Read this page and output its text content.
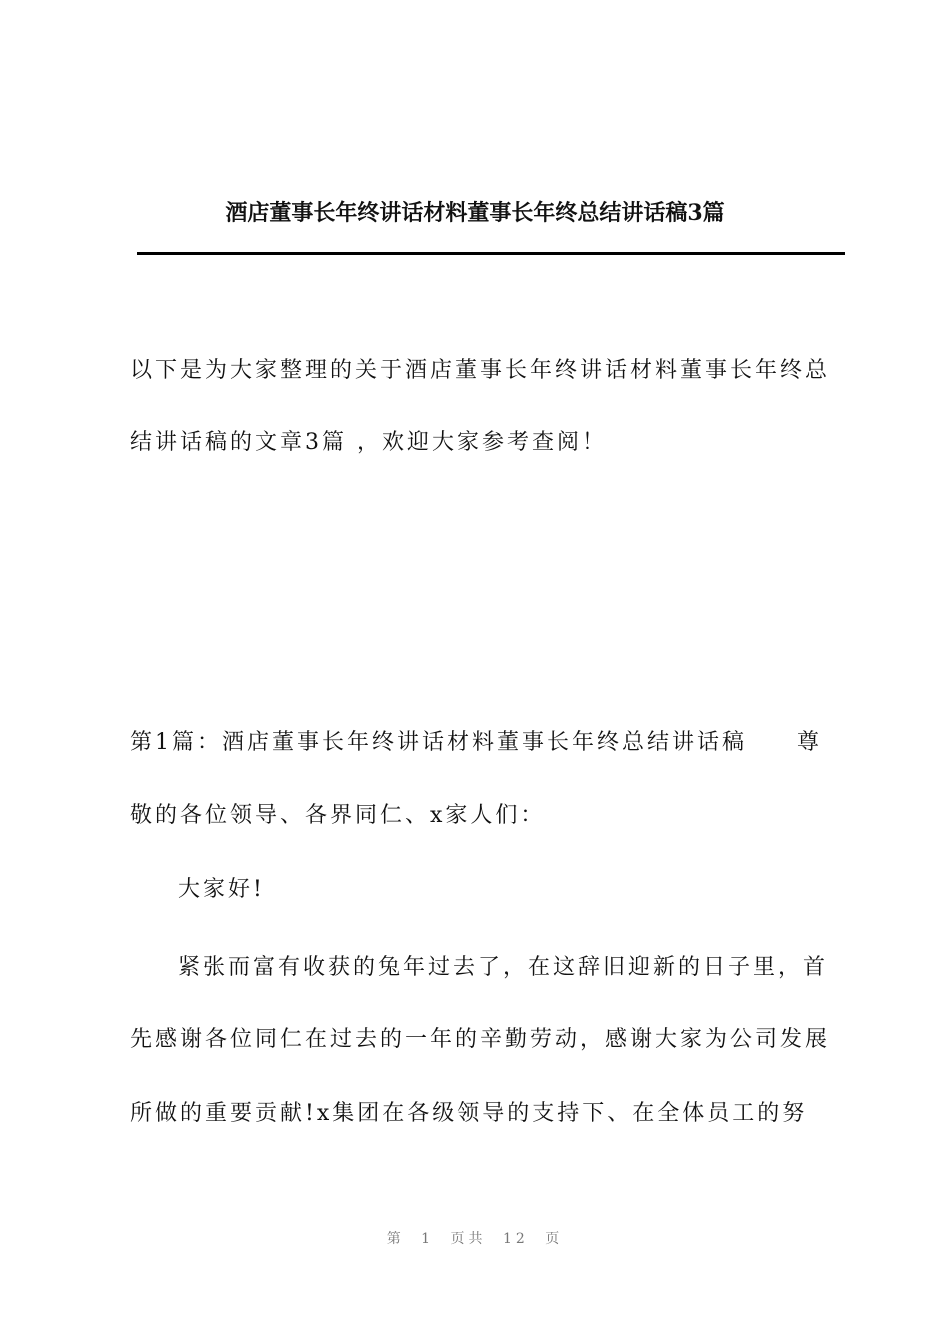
酒店董事长年终讲话材料董事长年终总结讲话稿3篇
以下是为大家整理的关于酒店董事长年终讲话材料董事长年终总
结讲话稿的文章3篇 ，欢迎大家参考查阅！
第1篇：酒店董事长年终讲话材料董事长年终总结讲话稿　　尊
敬的各位领导、各界同仁、x家人们：
大家好!
紧张而富有收获的兔年过去了，在这辞旧迎新的日子里，首
先感谢各位同仁在过去的一年的辛勤劳动，感谢大家为公司发展
所做的重要贡献!x集团在各级领导的支持下、在全体员工的努
第 1 页共 12 页
